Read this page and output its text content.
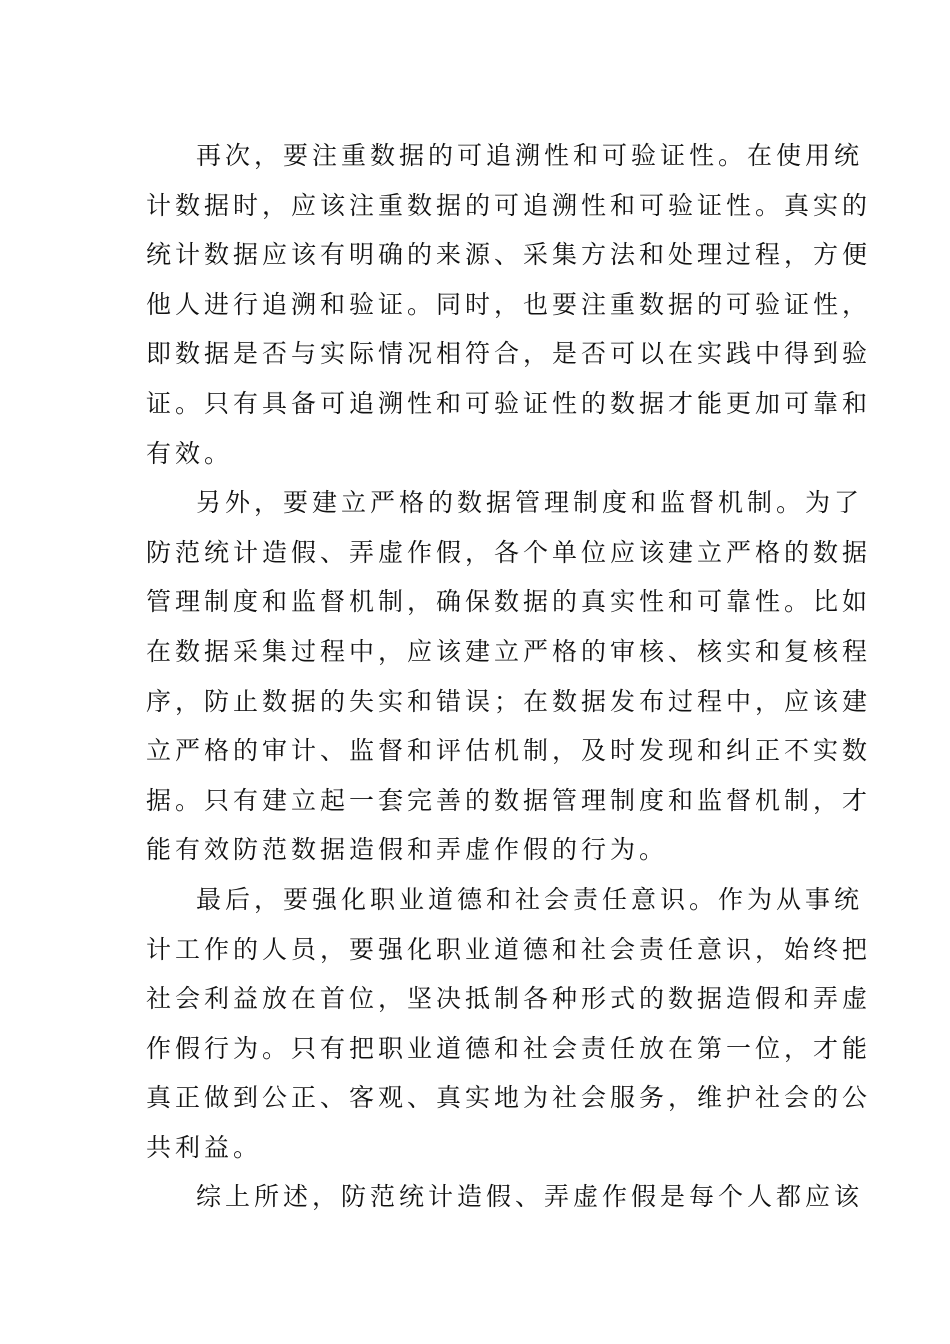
再次，要注重数据的可追溯性和可验证性。在使用统
计数据时，应该注重数据的可追溯性和可验证性。真实的
统计数据应该有明确的来源、采集方法和处理过程，方便
他人进行追溯和验证。同时，也要注重数据的可验证性，
即数据是否与实际情况相符合，是否可以在实践中得到验
证。只有具备可追溯性和可验证性的数据才能更加可靠和
有效。
另外，要建立严格的数据管理制度和监督机制。为了
防范统计造假、弄虚作假，各个单位应该建立严格的数据
管理制度和监督机制，确保数据的真实性和可靠性。比如
在数据采集过程中，应该建立严格的审核、核实和复核程
序，防止数据的失实和错误；在数据发布过程中，应该建
立严格的审计、监督和评估机制，及时发现和纠正不实数
据。只有建立起一套完善的数据管理制度和监督机制，才
能有效防范数据造假和弄虚作假的行为。
最后，要强化职业道德和社会责任意识。作为从事统
计工作的人员，要强化职业道德和社会责任意识，始终把
社会利益放在首位，坚决抵制各种形式的数据造假和弄虚
作假行为。只有把职业道德和社会责任放在第一位，才能
真正做到公正、客观、真实地为社会服务，维护社会的公
共利益。
综上所述，防范统计造假、弄虚作假是每个人都应该
